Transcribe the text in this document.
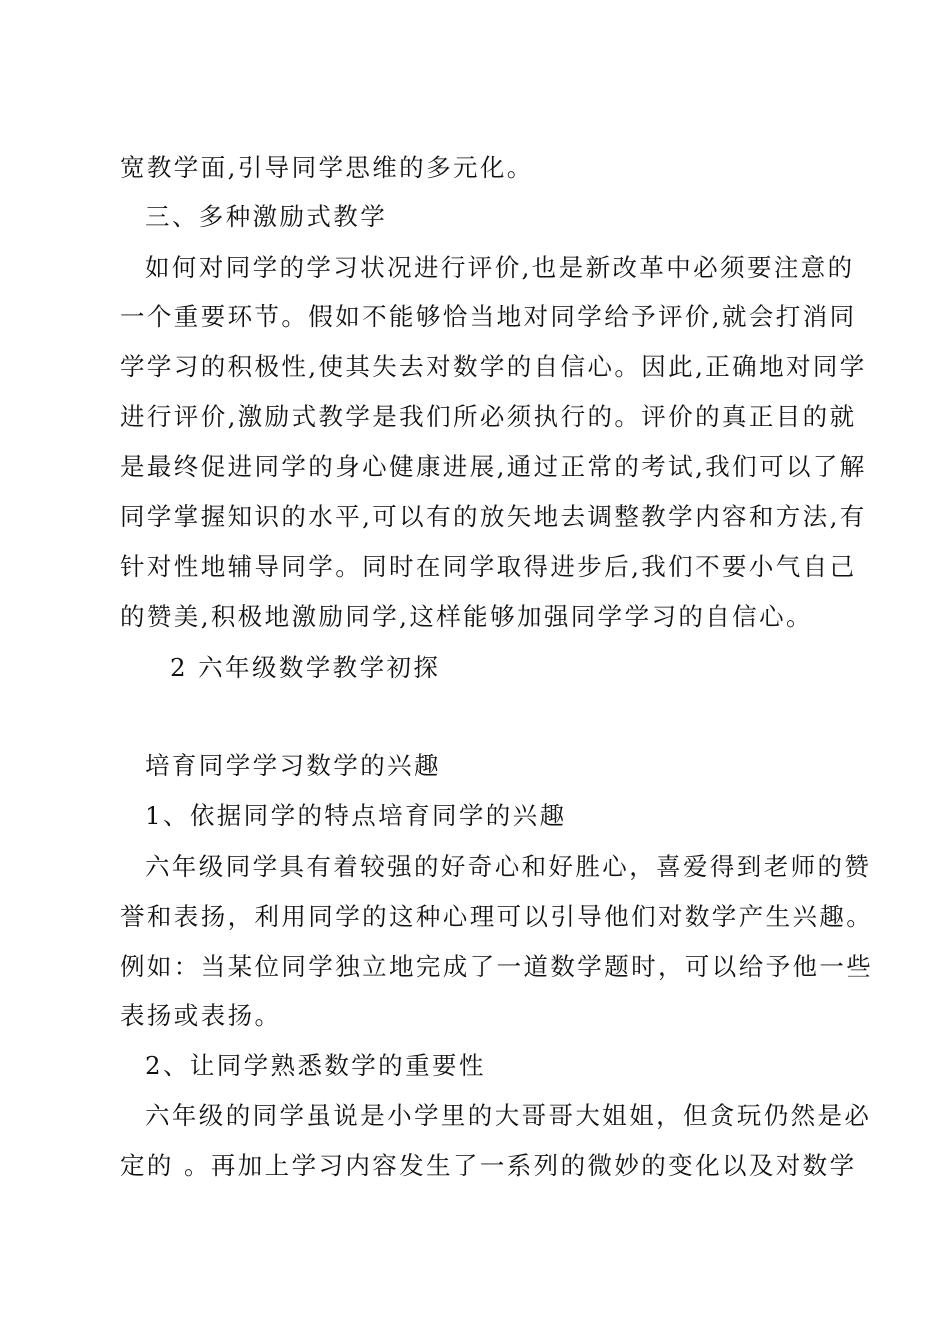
宽教学面,引导同学思维的多元化。
三、多种激励式教学
如何对同学的学习状况进行评价,也是新改革中必须要注意的
一个重要环节。假如不能够恰当地对同学给予评价,就会打消同
学学习的积极性,使其失去对数学的自信心。因此,正确地对同学
进行评价,激励式教学是我们所必须执行的。评价的真正目的就
是最终促进同学的身心健康进展,通过正常的考试,我们可以了解
同学掌握知识的水平,可以有的放矢地去调整教学内容和方法,有
针对性地辅导同学。同时在同学取得进步后,我们不要小气自己
的赞美,积极地激励同学,这样能够加强同学学习的自信心。
2 六年级数学教学初探
培育同学学习数学的兴趣
1、依据同学的特点培育同学的兴趣
六年级同学具有着较强的好奇心和好胜心，喜爱得到老师的赞
誉和表扬，利用同学的这种心理可以引导他们对数学产生兴趣。
例如：当某位同学独立地完成了一道数学题时，可以给予他一些
表扬或表扬。
2、让同学熟悉数学的重要性
六年级的同学虽说是小学里的大哥哥大姐姐，但贪玩仍然是必
定的 。再加上学习内容发生了一系列的微妙的变化以及对数学
